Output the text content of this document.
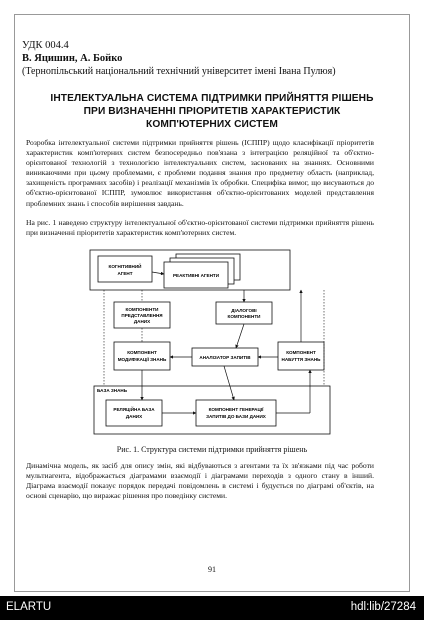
УДК 004.4
В. Яцишин, А. Бойко
(Тернопільський національний технічний університет імені Івана Пулюя)
ІНТЕЛЕКТУАЛЬНА СИСТЕМА ПІДТРИМКИ ПРИЙНЯТТЯ РІШЕНЬ ПРИ ВИЗНАЧЕННІ ПРІОРИТЕТІВ ХАРАКТЕРИСТИК КОМП'ЮТЕРНИХ СИСТЕМ
Розробка інтелектуальної системи підтримки прийняття рішень (ІСППР) щодо класифікації пріоритетів характеристик комп'ютерних систем безпосередньо пов'язана з інтеграцією реляційної та об'єктно-орієнтованої технологій з технологією інтелектуальних систем, заснованих на знаннях. Основними виникаючими при цьому проблемами, є проблеми подання знання про предметну область (наприклад, захищеність програмних засобів) і реалізації механізмів їх обробки. Специфіка вимог, що висуваються до об'єктно-орієнтованої ІСППР, зумовлює використання об'єктно-орієнтованих моделей представлення проблемних знань і способів вирішення завдань.
На рис. 1 наведено структуру інтелектуальної об'єктно-орієнтованої системи підтримки прийняття рішень при визначенні пріоритетів характеристик комп'ютерних систем.
КОГНІТИВНИЙ
АГЕНТ	РЕАКТИВНІ АГЕНТИ
КОМПОНЕНТИ
ПРЕДСТАВЛЕННЯ
ДАНИХ
ДІАЛОГОВІ
КОМПОНЕНТИ
КОМПОНЕНТ
МОДИФІКАЦІЇ ЗНАНЬ	АНАЛІЗАТОР ЗАПИТІВ
КОМПОНЕНТ
НАБУТТЯ ЗНАНЬ
БАЗА ЗНАНЬ
РЕЛЯЦІЙНА БАЗА
ДАНИХ
КОМПОНЕНТ ГЕНЕРАЦІЇ
ЗАПИТІВ ДО БАЗИ ДАНИХ
Рис. 1. Структура системи підтримки прийняття рішень
Динамічна модель, як засіб для опису змін, які відбуваються з агентами та їх зв'язками під час роботи мультиагента, відображається діаграмами взаємодії і діаграмами переходів з одного стану в інший. Діаграма взаємодії показує порядок передачі повідомлень в системі і будується по діаграмі об'єктів, на основі сценарію, що виражає рішення про поведінку системи.
91
ELARTU	hdl:lib/27284
